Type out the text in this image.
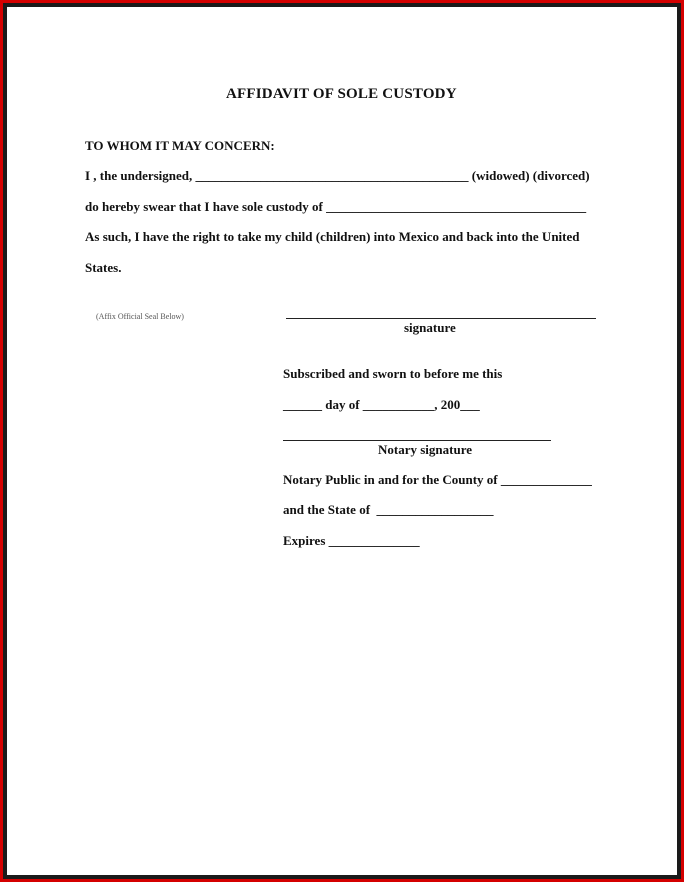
AFFIDAVIT OF SOLE CUSTODY
TO WHOM IT MAY CONCERN:
I , the undersigned, __________________________________________ (widowed) (divorced)
do hereby swear that I have sole custody of ________________________________________
As such, I have the right to take my child (children) into Mexico and back into the United
States.
(Affix Official Seal Below)
signature
Subscribed and sworn to before me this
______ day of ___________, 200___
Notary signature
Notary Public in and for the County of ______________
and the State of  __________________
Expires ______________
